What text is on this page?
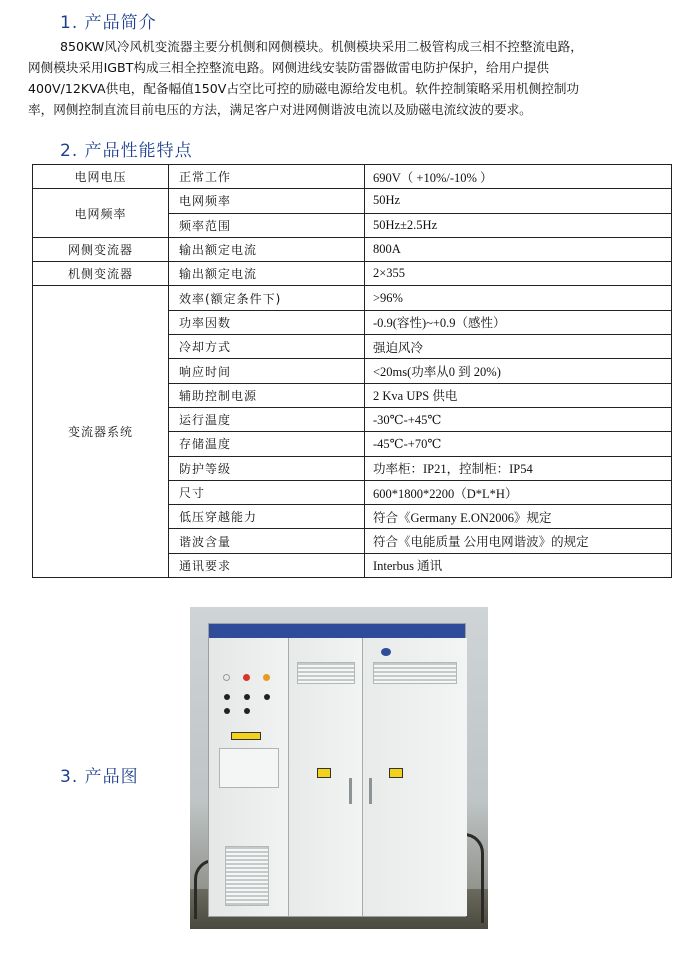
1. 产品简介
850KW风冷风机变流器主要分机侧和网侧模块。机侧模块采用二极管构成三相不控整流电路，
网侧模块采用IGBT构成三相全控整流电路。网侧进线安装防雷器做雷电防护保护，给用户提供
400V/12KVA供电，配备幅值150V占空比可控的励磁电源给发电机。软件控制策略采用机侧控制功
率，网侧控制直流目前电压的方法，满足客户对进网侧谐波电流以及励磁电流纹波的要求。
2. 产品性能特点
电网电压	正常工作	690V（ +10%/-10% ）
电网频率	电网频率	50Hz
	频率范围	50Hz±2.5Hz
网侧变流器	输出额定电流	800A
机侧变流器	输出额定电流	2×355
变流器系统	效率(额定条件下)	>96%
	功率因数	-0.9(容性)~+0.9（感性）
	冷却方式	强迫风冷
	响应时间	<20ms(功率从0 到 20%)
	辅助控制电源	2 Kva UPS 供电
	运行温度	-30℃-+45℃
	存储温度	-45℃-+70℃
	防护等级	功率柜：IP21，控制柜：IP54
	尺寸	600*1800*2200（D*L*H）
	低压穿越能力	符合《Germany E.ON2006》规定
	谐波含量	符合《电能质量 公用电网谐波》的规定
	通讯要求	Interbus 通讯
3. 产品图
